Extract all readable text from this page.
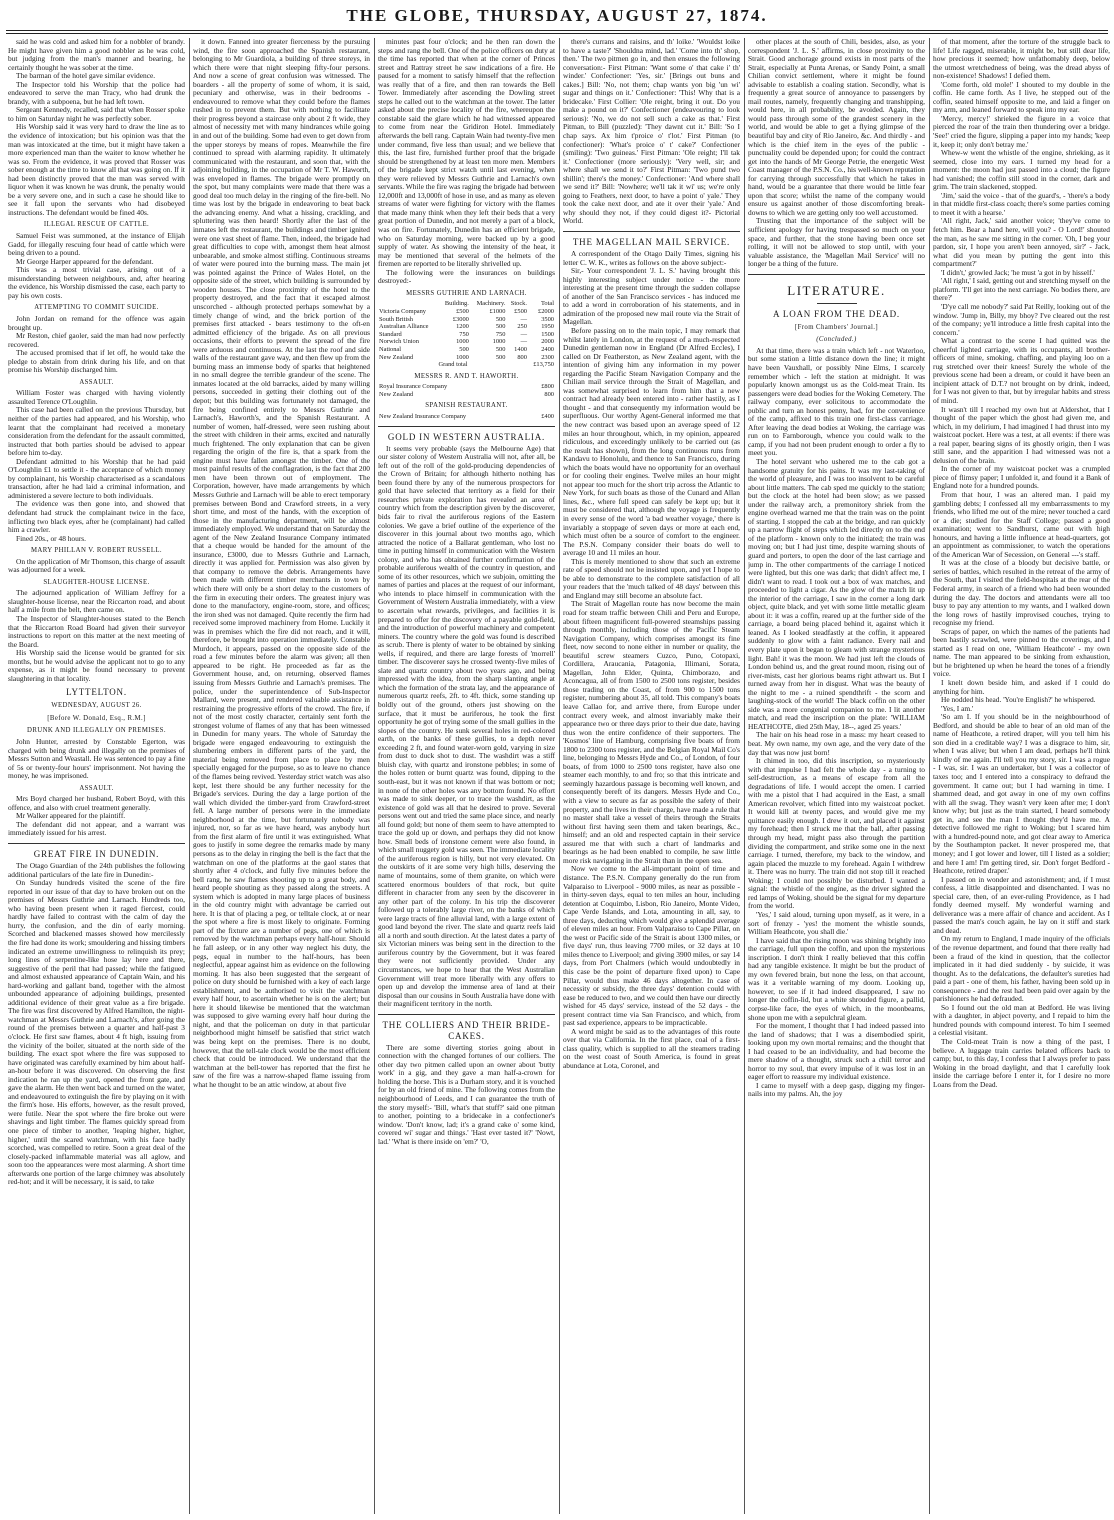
THE GLOBE, THURSDAY, AUGUST 27, 1874.

said he was cold and asked him for a nobbler of brandy. He might have given him a good nobbler as he was cold, but judging from the man's manner and bearing, he certainly thought he was sober at the time.

The barman of the hotel gave similar evidence.

The Inspector told his Worship that the police had endeavored to serve the man Tracy, who had drunk the brandy, with a subpoena, but he had left town.

Sergeant Kennedy, recalled, said that when Rosser spoke to him on Saturday night he was perfectly sober.

His Worship said it was very hard to draw the line as to the evidence of intoxication; but his opinion was that the man was intoxicated at the time, but it might have taken a more experienced man than the waiter to know whether he was so. From the evidence, it was proved that Rosser was sober enough at the time to know all that was going on. If it had been distinctly proved that the man was served with liquor when it was known he was drunk, the penalty would be a very severe one, and in such a case he should like to see it fall upon the servants who had disobeyed instructions. The defendant would be fined 40s.

ILLEGAL RESCUE OF CATTLE.

Samuel Feist was summoned, at the instance of Elijah Gadd, for illegally rescuing four head of cattle which were being driven to a pound.

Mr George Harper appeared for the defendant.

This was a most trivial case, arising out of a misunderstanding between neighbours, and, after hearing the evidence, his Worship dismissed the case, each party to pay his own costs.

ATTEMPTING TO COMMIT SUICIDE.

John Jordan on remand for the offence was again brought up.

Mr Reston, chief gaoler, said the man had now perfectly recovered.

The accused promised that if let off, he would take the pledge to abstain from drink during his life, and on that promise his Worship discharged him.

ASSAULT.

William Foster was charged with having violently assaulted Terence O'Loughlin.

This case had been called on the previous Thursday, but neither of the parties had appeared, and his Worship, who learnt that the complainant had received a monetary consideration from the defendant for the assault committed, instructed that both parties should be advised to appear before him to-day.

Defendant admitted to his Worship that he had paid O'Loughlin £1 to settle it - the acceptance of which money by complainant, his Worship characterised as a scandalous transaction, after he had laid a criminal information, and administered a severe lecture to both individuals.

The evidence was then gone into, and showed that defendant had struck the complainant twice in the face, inflicting two black eyes, after he (complainant) had called him a crawler.

Fined 20s., or 48 hours.

MARY PHILLAN V. ROBERT RUSSELL.

On the application of Mr Thomson, this charge of assault was adjourned for a week.

SLAUGHTER-HOUSE LICENSE.

The adjourned application of William Jeffrey for a slaughter-house license, near the Riccarton road, and about half a mile from the belt, then came on.

The Inspector of Slaughter-houses stated to the Bench that the Riccarton Road Board had given their surveyor instructions to report on this matter at the next meeting of the Board.

His Worship said the license would be granted for six months, but he would advise the applicant not to go to any expense, as it might be found necessary to prevent slaughtering in that locality.

LYTTELTON.

WEDNESDAY, AUGUST 26.

[Before W. Donald, Esq., R.M.]

DRUNK AND ILLEGALLY ON PREMISES.

John Hunter, arrested by Constable Egerton, was charged with being drunk and illegally on the premises of Messrs Sutton and Weastall. He was sentenced to pay a fine of 5s or twenty-four hours' imprisonment. Not having the money, he was imprisoned.

ASSAULT.

Mrs Boyd charged her husband, Robert Boyd, with this offence, and also with cruel treatment generally.

Mr Walker appeared for the plaintiff.

The defendant did not appear, and a warrant was immediately issued for his arrest.

GREAT FIRE IN DUNEDIN.

The Otago Guardian of the 24th publishes the following additional particulars of the late fire in Dunedin:-

On Sunday hundreds visited the scene of the fire reported in our issue of that day to have broken out on the premises of Messrs Guthrie and Larnach. Hundreds too, who having been present when it raged fiercest, could hardly have failed to contrast with the calm of day the hurry, the confusion, and the din of early morning. Scorched and blackened masses showed how mercilessly the fire had done its work; smouldering and hissing timbers indicated an extreme unwillingness to relinquish its prey; long lines of serpentine-like hose lay here and there, suggestive of the peril that had passed; while the fatigued and almost exhausted appearance of Captain Wain, and his hard-working and gallant band, together with the almost unbounded appearance of adjoining buildings, presented additional evidence of their great value as a fire brigade. The fire was first discovered by Alfred Hamilton, the night-watchman at Messrs Guthrie and Larnach's, after going the round of the premises between a quarter and half-past 3 o'clock. He first saw flames, about 4 ft high, issuing from the vicinity of the boiler, situated at the north side of the building. The exact spot where the fire was supposed to have originated was carefully examined by him about half-an-hour before it was discovered. On observing the first indication he ran up the yard, opened the front gate, and gave the alarm. He then went back and turned on the water, and endeavoured to extinguish the fire by playing on it with the firm's hose. His efforts, however, as the result proved, were futile. Near the spot where the fire broke out were shavings and light timber. The flames quickly spread from one piece of timber to another, 'leaping higher, higher, higher,' until the scared watchman, with his face badly scorched, was compelled to retire. Soon a great deal of the closely-packed inflammable material was all aglow, and soon too the appearances were most alarming. A short time afterwards one portion of the large chimney was absolutely red-hot; and it will be necessary, it is said, to take

it down. Fanned into greater fierceness by the pursuing wind, the fire soon approached the Spanish restaurant, belonging to Mr Guardiola, a building of three storeys, in which there were that night sleeping fifty-four persons. And now a scene of great confusion was witnessed. The boarders - all the property of some of whom, it is said, pecuniary and otherwise, was in their bedrooms - endeavoured to remove what they could before the flames rushed in to prevent them. But with nothing to facilitate their progress beyond a staircase only about 2 ft wide, they almost of necessity met with many hindrances while going in and out of the building. Some had even to get down from the upper storeys by means of ropes. Meanwhile the fire continued to spread with alarming rapidity. It ultimately communicated with the restaurant, and soon that, with the adjoining building, in the occupation of Mr T. W. Haworth, was enveloped in flames. The brigade were promptly on the spot, but many complaints were made that there was a good deal too much delay in the ringing of the fire-bell. No time was lost by the brigade in endeavoring to beat back the advancing enemy. And what a hissing, crackling, and spluttering was then heard! Shortly after the last of the inmates left the restaurant, the buildings and timber ignited were one vast sheet of flame. Then, indeed, the brigade had great difficulties to cope with, amongst them heat almost unbearable, and smoke almost stifling. Continuous streams of water were poured into the burning mass. The main jet was pointed against the Prince of Wales Hotel, on the opposite side of the street, which building is surrounded by wooden houses. The close proximity of the hotel to the property destroyed, and the fact that it escaped almost unscorched - although protected perhaps somewhat by a timely change of wind, and the brick portion of the premises first attacked - bears testimony to the oft-en admitted efficiency of the brigade. As on all previous occasions, their efforts to prevent the spread of the fire were arduous and continuous. At the last the roof and side walls of the restaurant gave way, and then flew up from the burning mass an immense body of sparks that heightened in no small degree the terrible grandeur of the scene. The inmates located at the old barracks, aided by many willing persons, succeeded in getting their clothing out of the depot; but this building was fortunately not damaged, the fire being confined entirely to Messrs Guthrie and Larnach's, Haworth's, and the Spanish Restaurant. A number of women, half-dressed, were seen rushing about the street with children in their arms, excited and naturally much frightened. The only explanation that can be given regarding the origin of the fire is, that a spark from the engine must have fallen amongst the timber. One of the most painful results of the conflagration, is the fact that 200 men have been thrown out of employment. The Corporation, however, have made arrangements by which Messrs Guthrie and Larnach will be able to erect temporary premises between Bond and Crawford streets, in a very short time, and most of the hands, with the exception of those in the manufacturing department, will be almost immediately employed. We understand that on Saturday the agent of the New Zealand Insurance Company intimated that a cheque would be handed for the amount of the insurance, £3000, due to Messrs Guthrie and Larnach, directly it was applied for. Permission was also given by that company to remove the debris. Arrangements have been made with different timber merchants in town by which there will only be a short delay to the customers of the firm in executing their orders. The greatest injury was done to the manufactory, engine-room, store, and offices; the iron shed was not damaged. Quite recently the firm had received some improved machinery from Home. Luckily it was in premises which the fire did not reach, and it will, therefore, be brought into operation immediately. Constable Murdoch, it appears, passed on the opposite side of the road a few minutes before the alarm was given; all then appeared to be right. He proceeded as far as the Government house, and, on returning, observed flames issuing from Messrs Guthrie and Larnach's premises. The police, under the superintendence of Sub-Inspector Mallard, were present, and rendered valuable assistance in restraining the progressive efforts of the crowd. The fire, if not of the most costly character, certainly sent forth the strongest volume of flames of any that has been witnessed in Dunedin for many years. The whole of Saturday the brigade were engaged endeavouring to extinguish the slumbering embers in different parts of the yard, the material being removed from place to place by men specially engaged for the purpose, so as to leave no chance of the flames being revived. Yesterday strict watch was also kept, lest there should be any further necessity for the Brigade's services. During the day a large portion of the wall which divided the timber-yard from Crawford-street fell. A large number of persons were in the immediate neighborhood at the time, but fortunately nobody was injured, nor, so far as we have heard, was anybody hurt from the first alarm of fire until it was extinguished. What goes to justify in some degree the remarks made by many persons as to the delay in ringing the bell is the fact that the watchman on one of the platforms at the gaol states that shortly after 4 o'clock, and fully five minutes before the bell rang, he saw flames shooting up to a great body, and heard people shouting as they passed along the streets. A system which is adopted in many large places of business in the old country might with advantage be carried out here. It is that of placing a peg, or telltale clock, at or near the spot where a fire is most likely to originate. Forming part of the fixture are a number of pegs, one of which is removed by the watchman perhaps every half-hour. Should he fall asleep, or in any other way neglect his duty, the pegs, equal in number to the half-hours, has been neglectful, appear against him as evidence on the following morning. It has also been suggested that the sergeant of police on duty should be furnished with a key of each large establishment, and be authorised to visit the watchman every half hour, to ascertain whether he is on the alert; but here it should likewise be mentioned that the watchman was supposed to give warning every half hour during the night, and that the policeman on duty in that particular neighborhood might himself be satisfied that strict watch was being kept on the premises. There is no doubt, however, that the tell-tale clock would be the most efficient check that could be introduced. We understand that the watchman at the bell-tower has reported that the first he saw of the fire was a narrow-shaped flame issuing from what he thought to be an attic window, at about five

minutes past four o'clock; and he then ran down the steps and rang the bell. One of the police officers on duty at the time has reported that when at the corner of Princes street and Rattray street he saw indications of a fire. He paused for a moment to satisfy himself that the reflection was really that of a fire, and then ran towards the Bell Tower. Immediately after ascending the Dowling street steps he called out to the watchman at the tower. The latter asked about the precise locality of the fire, whereupon the constable said the glare which he had witnessed appeared to come from near the Gridiron Hotel. Immediately afterwards the bell rang. Captain Wain had twenty-five men under command, five less than usual; and we believe that this, the last fire, furnished further proof that the brigade should be strengthened by at least ten more men. Members of the brigade kept strict watch until last evening, when they were relieved by Messrs Guthrie and Larnach's own servants. While the fire was raging the brigade had between 12,000ft and 13,000ft of hose in use, and as many as eleven streams of water were fighting for victory with the flames that made many think when they left their beds that a very great portion of Dunedin, and not merely a part of a block, was on fire. Fortunately, Dunedin has an efficient brigade, who on Saturday morning, were backed up by a good supply of water. As showing the intensity of the heat, it may be mentioned that several of the helmets of the firemen are reported to be literally shrivelled up.

The following were the insurances on buildings destroyed:-

MESSRS GUTHRIE AND LARNACH.

	Building.	Machinery.	Stock.	Total
Victoria Company	£500	£1000	£500	£2000
South British	£3000	500	—	3500
Australian Alliance	1200	500	250	1950
Standard	750	750	—	1500
Norwich Union	1000	1000	—	2000
National	500	500	1400	2400
New Zealand	1000	500	800	2300
Grand total				£13,750

MESSRS R. AND T. HAWORTH.

Royal Insurance Company	£800
New Zealand	800

SPANISH RESTAURANT.

New Zealand Insurance Company	£400

GOLD IN WESTERN AUSTRALIA.

It seems very probable (says the Melbourne Age) that our sister colony of Western Australia will not, after all, be left out of the roll of the gold-producing dependencies of the Crown of Britain; for although hitherto nothing has been found there by any of the numerous prospectors for gold that have selected that territory as a field for their researches private exploration has revealed an area of country which from the description given by the discoverer, bids fair to rival the auriferous regions of the Eastern colonies. We gave a brief outline of the experience of the discoverer in this journal about two months ago, which attracted the notice of a Ballarat gentleman, who lost no time in putting himself in communication with the Western colony, and who has obtained further confirmation of the probable auriferous wealth of the country in question, and some of its other resources, which we subjoin, omitting the names of parties and places at the request of our informant, who intends to place himself in communication with the Government of Western Australia immediately, with a view to ascertain what rewards, privileges, and facilities it is prepared to offer for the discovery of a payable gold-field, and the introduction of powerful machinery and competent miners. The country where the gold was found is described as scrub. There is plenty of water to be obtained by sinking wells, if required, and there are large forests of 'morrell' timber. The discoverer says he crossed twenty-five miles of slate and quartz country about two years ago, and being impressed with the idea, from the sharp slanting angle at which the formation of the strata lay, and the appearance of numerous quartz reefs, 2ft. to 4ft. thick, some standing up boldly out of the ground, others just showing on the surface, that it must be auriferous, he took the first opportunity he got of trying some of the small gullies in the slopes of the country. He sunk several holes in red-colored earth, on the banks of these gullies, to a depth never exceeding 2 ft, and found water-worn gold, varying in size from dust to duck shot to dust. The washdirt was a stiff bluish clay, with quartz and ironstone pebbles; in some of the holes rotten or burnt quartz was found, dipping to the south-east, but it was not known if that was bottom or not; in none of the other holes was any bottom found. No effort was made to sink deeper, or to trace the washdirt, as the existence of gold was all that he desired to prove. Several persons went out and tried the same place since, and nearly all found gold; but none of them seem to have attempted to trace the gold up or down, and perhaps they did not know how. Small beds of ironstone cement were also found, in which small nuggety gold was seen. The immediate locality of the auriferous region is hilly, but not very elevated. On the outskirts of it are some very high hills, deserving the name of mountains, some of them granite, on which were scattered enormous boulders of that rock, but quite different in character from any seen by the discoverer in any other part of the colony. In his trip the discoverer followed up a tolerably large river, on the banks of which were large tracts of fine alluvial land, with a large extent of good land beyond the river. The slate and quartz reefs laid all a north and south direction. At the latest dates a party of six Victorian miners was being sent in the direction to the auriferous country by the Government, but it was feared they were not sufficiently provided. Under any circumstances, we hope to hear that the West Australian Government will treat more liberally with any offers to open up and develop the immense area of land at their disposal than our cousins in South Australia have done with their magnificent territory in the north.

THE COLLIERS AND THEIR BRIDE-CAKES.

There are some diverting stories going about in connection with the changed fortunes of our colliers. The other day two pitmen called upon an owner about 'butty work' in a gig, and they gave a man half-a-crown for holding the horse. This is a Durham story, and it is vouched for by an old friend of mine. The following comes from the neighbourhood of Leeds, and I can guarantee the truth of the story myself:- 'Bill, what's that stuff?' said one pitman to another, pointing to a bridecake in a confectioner's window. 'Don't know, lad; it's a grand cake o' some kind, covered wi' sugar and things.' 'Hast ever tasted it?' 'Nowt, lad.' 'What is there inside on 'em?' 'O,

there's currans and raisins, and th' loike.' 'Wouldst loike to have a taste?' 'Shouldna mind, lad.' 'Come into th' shop, then.' The two pitmen go in, and then ensues the following conversation:- First Pitman: 'Want some o' that cake i' th' winder.' Confectioner: 'Yes, sir.' [Brings out buns and cakes.] Bill: 'No, not them; chap wants yon big 'un wi' sugar and things on it.' Confectioner: 'This! Why that is a bridecake.' First Collier: 'Ole reight, bring it out. Do you make a pound on it?' Confectioner (endeavouring to look serious): 'No, we do not sell such a cake as that.' First Pitman, to Bill (puzzled): 'They dawnt cut it.' Bill: 'So I chap says. Ax him t'proice o' t'lot.' First Pitman (to confectioner): 'What's proice o' t' cake?' Confectioner (smiling): 'Two guineas.' First Pitman: 'Ole reight; I'll tak it.' Confectioner (more seriously): 'Very well, sir; and where shall we send it to?' First Pitman: 'Two pund two shillin'; there's the money.' Confectioner: 'And where shall we send it?' Bill: 'Nowhere; we'll tak it wi' us; we're only going to Feathers, next door, to have a point o' yale.' They took the cake next door, and ate it over their 'yale.' And why should they not, if they could digest it?- Pictorial World.

THE MAGELLAN MAIL SERVICE.

A correspondent of the Otago Daily Times, signing his letter C. W. K., writes as follows on the above subject:-

Sir,- Your correspondent 'J. L. S.' having brought this highly interesting subject under notice - the more interesting at the present time through the sudden collapse of another of the San Francisco services - has induced me to add a word in corroboration of his statements, and in admiration of the proposed new mail route via the Strait of Magellan.

Before passing on to the main topic, I may remark that whilst lately in London, at the request of a much-respected Dunedin gentleman now in England (Dr Alfred Eccles), I called on Dr Featherston, as New Zealand agent, with the intention of giving him any information in my power regarding the Pacific Steam Navigation Company and the Chilian mail service through the Strait of Magellan, and was somewhat surprised to learn from him that a new contract had already been entered into - rather hastily, as I thought - and that consequently my information would be superfluous. Our worthy Agent-General informed me that the new contract was based upon an average speed of 12 miles an hour throughout, which, in my opinion, appeared ridiculous, and exceedingly unlikely to be carried out (as the result has shown), from the long continuous runs from Kandavu to Honolulu, and thence to San Francisco, during which the boats would have no opportunity for an overhaul or for cooling their engines. Twelve miles an hour might not appear too much for the short trip across the Atlantic to New York, for such boats as those of the Cunard and Allan lines, &c., where full speed can safely be kept up; but it must be considered that, although the voyage is frequently in every sense of the word 'a bad weather voyage,' there is invariably a stoppage of seven days or more at each end, which must often be a source of comfort to the engineer. The P.S.N. Company consider their boats do well to average 10 and 11 miles an hour.

This is merely mentioned to show that such an extreme rate of speed should not be insisted upon, and yet I hope to be able to demonstrate to the complete satisfaction of all your readers that the 'much talked of 48 days' between this and England may still become an absolute fact.

The Strait of Magellan route has now become the main road for steam traffic between Chili and Peru and Europe, about fifteen magnificent full-powered steamships passing through monthly, including those of the Pacific Steam Navigation Company, which comprises amongst its fine fleet, now second to none either in number or quality, the beautiful screw steamers Cuzco, Puno, Cotopaxi, Cordillera, Araucania, Patagonia, Illimani, Sorata, Magellan, John Elder, Quinta, Chimborazo, and Aconcagua, all of from 1500 to 2500 tons register, besides those trading on the Coast, of from 900 to 1500 tons register, numbering about 35, all told. This company's boats leave Callao for, and arrive there, from Europe under contract every week, and almost invariably make their appearance two or three days prior to their due date, having thus won the entire confidence of their supporters. The 'Kosmos' line of Hamburg, comprising five boats of from 1800 to 2300 tons register, and the Belgian Royal Mail Co's line, belonging to Messrs Hyde and Co., of London, of four boats, of from 1000 to 2500 tons register, have also one steamer each monthly, to and fro; so that this intricate and seemingly hazardous passage is becoming well known, and consequently bereft of its dangers. Messrs Hyde and Co., with a view to secure as far as possible the safety of their property, and the lives in their charge, have made a rule that no master shall take a vessel of theirs through the Straits without first having seen them and taken bearings, &c., himself; and an old and respected captain in their service assured me that with such a chart of landmarks and bearings as he had been enabled to compile, he saw little more risk navigating in the Strait than in the open sea.

Now we come to the all-important point of time and distance. The P.S.N. Company generally do the run from Valparaiso to Liverpool - 9000 miles, as near as possible - in thirty-seven days, equal to ten miles an hour, including detention at Coquimbo, Lisbon, Rio Janeiro, Monte Video, Cape Verde Islands, and Lota, amounting in all, say, to three days, deducting which would give a splendid average of eleven miles an hour. From Valparaiso to Cape Pillar, on the west or Pacific side of the Strait is about 1300 miles, or five days' run, thus leaving 7700 miles, or 32 days at 10 miles thence to Liverpool; and giving 3900 miles, or say 14 days, from Port Chalmers (which would undoubtedly in this case be the point of departure fixed upon) to Cape Pillar, would thus make 46 days altogether. In case of necessity or subsidy, the three days' detention could with ease be reduced to two, and we could then have our directly wished for 45 days' service, instead of the 52 days - the present contract time via San Francisco, and which, from past sad experience, appears to be impracticable.

A word might be said as to the advantages of this route over that via California. In the first place, coal of a first-class quality, which is supplied to all the steamers trading on the west coast of South America, is found in great abundance at Lota, Coronel, and

other places at the south of Chili, besides, also, as your correspondent 'J. L. S.' affirms, in close proximity to the Strait. Good anchorage ground exists in most parts of the Strait, especially at Punta Arenas, or Sandy Point, a small Chilian convict settlement, where it might be found advisable to establish a coaling station. Secondly, what is frequently a great source of annoyance to passengers by mail routes, namely, frequently changing and transhipping, would here, in all probability, be avoided. Again, they would pass through some of the grandest scenery in the world, and would be able to get a flying glimpse of the beautiful bay and city of Rio Janeiro, &c. And thirdly - and which is the chief item in the eyes of the public - punctuality could be depended upon; for could the contract get into the hands of Mr George Petrie, the energetic West Coast manager of the P.S.N. Co., his well-known reputation for carrying through successfully that which he takes in hand, would be a guarantee that there would be little fear upon that score; whilst the name of the company would ensure us against another of those discomforting break-downs to which we are getting only too well accustomed.

Trusting that the importance of the subject will be sufficient apology for having trespassed so much on your space, and further, that the stone having been once set rolling, it will not be allowed to stop until, with your valuable assistance, the 'Magellan Mail Service' will no longer be a thing of the future.

LITERATURE.

A LOAN FROM THE DEAD.

[From Chambers' Journal.]

(Concluded.)

At that time, there was a train which left - not Waterloo, but some station a little distance down the line; it might have been Vauxhall, or possibly Nine Elms, I scarcely remember which - left the station at midnight. It was popularly known amongst us as the Cold-meat Train. Its passengers were dead bodies for the Woking Cemetery. The railway company, ever solicitous to accommodate the public and turn an honest penny, had, for the convenience of the camp, affixed to this train one first-class carriage. After leaving the dead bodies at Woking, the carriage was run on to Farnborough, whence you could walk to the camp, if you had not been prudent enough to order a fly to meet you.

The hotel servant who ushered me to the cab got a handsome gratuity for his pains. It was my last-taking of the world of pleasure, and I was too insolvent to be careful about little matters. The cab sped me quickly to the station; but the clock at the hotel had been slow; as we passed under the railway arch, a premonitory shriek from the engine overhead warned me that the train was on the point of starting. I stopped the cab at the bridge, and ran quickly up a narrow flight of steps which led directly on to the end of the platform - known only to the initiated; the train was moving on; but I had just time, despite warning shouts of guard and porters, to open the door of the last carriage and jump in. The other compartments of the carriage I noticed were lighted, but this one was dark; that didn't affect me, I didn't want to read. I took out a box of wax matches, and proceeded to light a cigar. As the glow of the match lit up the interior of the carriage, I saw in the corner a long dark object, quite black, and yet with some little metallic gleam about it: it was a coffin, reared up at the further side of the carriage, a board being placed behind it, against which it leaned. As I looked steadfastly at the coffin, it appeared suddenly to glow with a faint radiance. Every nail and every plate upon it began to gleam with strange mysterious light. Bah! it was the moon. We had just left the clouds of London behind us, and the great round moon, rising out of river-mists, cast her glorious beams right athwart us. But I turned away from her in disgust. What was the beauty of the night to me - a ruined spendthrift - the scorn and laughing-stock of the world! The black coffin on the other side was a more congenial companion to me. I lit another match, and read the inscription on the plate: 'WILLIAM HEATHCOTE, died 25th May, 18--, aged 25 years.'

The hair on his head rose in a mass: my heart ceased to beat. My own name, my own age, and the very date of the day that was now just born!

It chimed in too, did this inscription, so mysteriously with that impulse I had felt the whole day - a turning to self-destruction, as a means of escape from all the degradations of life. I would accept the omen. I carried with me a pistol that I had acquired in the East, a small American revolver, which fitted into my waistcoat pocket. It would kill at twenty paces, and would give me my quittance easily enough. I drew it out, and placed it against my forehead; then I struck me that the ball, after passing through my head, might pass also through the partition dividing the compartment, and strike some one in the next carriage. I turned, therefore, my back to the window, and again placed the muzzle to my forehead. Again I withdrew it. There was no hurry. The train did not stop till it reached Woking; I could not possibly be disturbed. I wanted a signal: the whistle of the engine, as the driver sighted the red lamps of Woking, should be the signal for my departure from the world.

'Yes,' I said aloud, turning upon myself, as it were, in a sort of frenzy - 'yes! the moment the whistle sounds, William Heathcote, you shall die.'

I have said that the rising moon was shining brightly into the carriage, full upon the coffin, and upon the mysterious inscription. I don't think I really believed that this coffin had any tangible existence. It might be but the product of my own fevered brain, but none the less, on that account, was it a veritable warning of my doom. Looking up, however, to see if it had indeed disappeared, I saw no longer the coffin-lid, but a white shrouded figure, a pallid, corpse-like face, the eyes of which, in the moonbeams, shone upon me with a sepulchral gleam.

For the moment, I thought that I had indeed passed into the land of shadows; that I was a disembodied spirit, looking upon my own mortal remains; and the thought that I had ceased to be an individuality, and had become the mere shadow of a thought, struck such a chill terror and horror to my soul, that every impulse of it was lost in an eager effort to reassure my individual existence.

I came to myself with a deep gasp, digging my finger-nails into my palms. Ah, the joy

of that moment, after the torture of the struggle back to life! Life ragged, miserable, it might be, but still dear life, how precious it seemed; how unfathomably deep, below the utmost wretchedness of being, was the dread abyss of non-existence! Shadows! I defied them.

'Come forth, old mole!' I shouted to my double in the coffin. He came forth. As I live, he stepped out of the coffin, seated himself opposite to me, and laid a finger on my arm, and leaned forward to speak into my ear.

'Mercy, mercy!' shrieked the figure in a voice that pierced the roar of the train then thundering over a bridge. 'See!' cried the figure, slipping a paper into my hands; 'keep it, keep it; only don't betray me.'

Whew-w went the whistle of the engine, shrieking, as it seemed, close into my ears. I turned my head for a moment: the moon had just passed into a cloud; the figure had vanished; the coffin still stood in the corner, dark and grim. The train slackened, stopped.

'Jim,' said the voice - that of the guard's, - 'there's a body in that middle first-class coach; there's some parties coming to meet it with a hearse.'

'All right, Jack,' said another voice; 'they've come to fetch him. Bear a hand here, will you? - O Lord!' shouted the man, as he saw me sitting in the corner. 'Oh, I beg your pardon, sir, I hope you aren't been annoyed, sir?' - Jack, what did you mean by putting the gent into this compartment?'

'I didn't,' growled Jack; 'he must 'a got in by hisself.'

'All right,' I said, getting out and stretching myself on the platform. 'I'll get into the next carriage. No bodies there, are there?'

'D'ye call me nobody?' said Pat Reilly, looking out of the window. 'Jump in, Billy, my bhoy? I've cleared out the rest of the company; ye'll introduce a little fresh capital into the concern.'

What a contrast to the scene I had quitted was the cheerful lighted carriage, with its occupants, all brother-officers of mine, smoking, chaffing, and playing loo on a rug stretched over their knees! Surely the whole of the previous scene had been a dream, or could it have been an incipient attack of D.T.? not brought on by drink, indeed, for I was not given to that, but by irregular habits and stress of mind.

It wasn't till I reached my own hut at Aldershot, that I thought of the paper which the ghost had given me, and which, in my delirium, I had imagined I had thrust into my waistcoat pocket. Here was a test, at all events: if there was a real paper, bearing signs of its ghostly origin, then I was still sane, and the apparition I had witnessed was not a delusion of the brain.

In the corner of my waistcoat pocket was a crumpled piece of flimsy paper; I unfolded it, and found it a Bank of England note for a hundred pounds.

From that hour, I was an altered man. I paid my gambling debts; I confessed all my embarrassments to my friends, who lifted me out of the mire; never touched a card or a die; studied for the Staff College; passed a good examination; went to Sandhurst, came out with high honours, and having a little influence at head-quarters, got an appointment as commissioner, to watch the operations of the American War of Secession, on General ---'s staff.

It was at the close of a bloody but decisive battle, or series of battles, which resulted in the retreat of the army of the South, that I visited the field-hospitals at the rear of the Federal army, in search of a friend who had been wounded during the day. The doctors and attendants were all too busy to pay any attention to my wants, and I walked down the long rows of hastily improvised couches, trying to recognise my friend.

Scraps of paper, on which the names of the patients had been hastily scrawled, were pinned to the coverings, and I started as I read on one, 'William Heathcote' - my own name. The man appeared to be sinking from exhaustion, but he brightened up when he heard the tones of a friendly voice.

I knelt down beside him, and asked if I could do anything for him.

He nodded his head. 'You're English?' he whispered.

'Yes, I am.'

'So am I. If you should be in the neighbourhood of Bedford, and should be able to hear of an old man of the name of Heathcote, a retired draper, will you tell him his son died in a creditable way? I was a disgrace to him, sir, when I was alive; but when I am dead, perhaps he'll think kindly of me again. I'll tell you my story, sir. I was a rogue - I was, sir. I was an undertaker, but I was a collector of taxes too; and I entered into a conspiracy to defraud the government. It came out; but I had warning in time. I shammed dead, and got away in one of my own coffins with all the swag. They wasn't very keen after me; I don't know why; but just as the train started, I heard somebody get in, and see the man I thought they'd have me. A detective followed me right to Woking; but I scared him with a hundred-pound note, and got clear away to America by the Southampton packet. It never prospered me, that money; and I got lower and lower, till I listed as a soldier; and here I am! I'm getting tired, sir. Don't forget Bedford - Heathcote, retired draper.'

I passed on in wonder and astonishment; and, if I must confess, a little disappointed and disenchanted. I was no special care, then, of an ever-ruling Providence, as I had fondly deemed myself. My wonderful warning and deliverance was a mere affair of chance and accident. As I passed the man's couch again, he lay on it stiff and stark and dead.

On my return to England, I made inquiry of the officials of the revenue department, and found that there really had been a fraud of the kind in question, that the collector implicated in it had died suddenly - by suicide, it was thought. As to the defalcations, the defaulter's sureties had paid a part - one of them, his father, having been sold up in consequence - and the rest had been paid over again by the parishioners he had defrauded.

So I found out the old man at Bedford. He was living with a daughter, in abject poverty, and I repaid to him the hundred pounds with compound interest. To him I seemed a celestial visitant.

The Cold-meat Train is now a thing of the past, I believe. A luggage train carries belated officers back to camp; but, to this day, I confess that I always prefer to pass Woking in the broad daylight, and that I carefully look inside the carriage before I enter it, for I desire no more Loans from the Dead.
